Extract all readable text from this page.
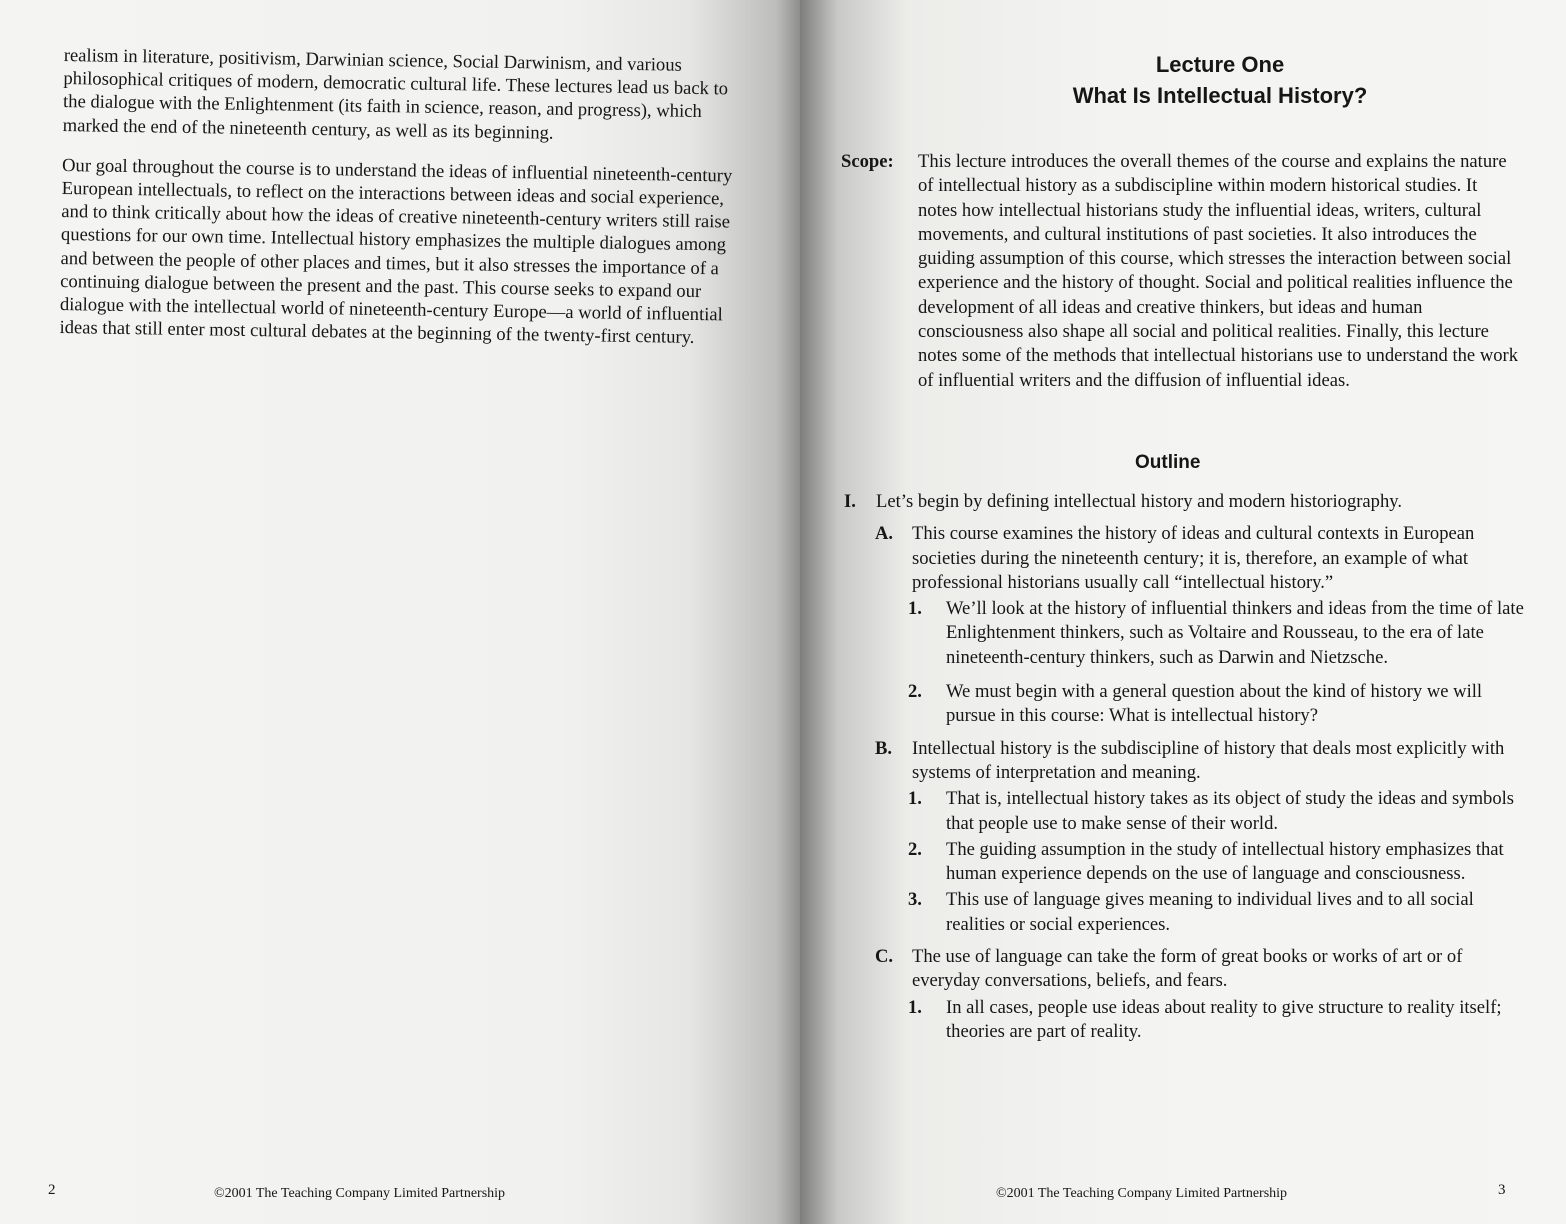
realism in literature, positivism, Darwinian science, Social Darwinism, and various philosophical critiques of modern, democratic cultural life. These lectures lead us back to the dialogue with the Enlightenment (its faith in science, reason, and progress), which marked the end of the nineteenth century, as well as its beginning.

Our goal throughout the course is to understand the ideas of influential nineteenth-century European intellectuals, to reflect on the interactions between ideas and social experience, and to think critically about how the ideas of creative nineteenth-century writers still raise questions for our own time. Intellectual history emphasizes the multiple dialogues among and between the people of other places and times, but it also stresses the importance of a continuing dialogue between the present and the past. This course seeks to expand our dialogue with the intellectual world of nineteenth-century Europe—a world of influential ideas that still enter most cultural debates at the beginning of the twenty-first century.

2	©2001 The Teaching Company Limited Partnership
Lecture One
What Is Intellectual History?
Scope: This lecture introduces the overall themes of the course and explains the nature of intellectual history as a subdiscipline within modern historical studies. It notes how intellectual historians study the influential ideas, writers, cultural movements, and cultural institutions of past societies. It also introduces the guiding assumption of this course, which stresses the interaction between social experience and the history of thought. Social and political realities influence the development of all ideas and creative thinkers, but ideas and human consciousness also shape all social and political realities. Finally, this lecture notes some of the methods that intellectual historians use to understand the work of influential writers and the diffusion of influential ideas.
Outline
I. Let’s begin by defining intellectual history and modern historiography.
A. This course examines the history of ideas and cultural contexts in European societies during the nineteenth century; it is, therefore, an example of what professional historians usually call “intellectual history.”
1. We’ll look at the history of influential thinkers and ideas from the time of late Enlightenment thinkers, such as Voltaire and Rousseau, to the era of late nineteenth-century thinkers, such as Darwin and Nietzsche.
2. We must begin with a general question about the kind of history we will pursue in this course: What is intellectual history?
B. Intellectual history is the subdiscipline of history that deals most explicitly with systems of interpretation and meaning.
1. That is, intellectual history takes as its object of study the ideas and symbols that people use to make sense of their world.
2. The guiding assumption in the study of intellectual history emphasizes that human experience depends on the use of language and consciousness.
3. This use of language gives meaning to individual lives and to all social realities or social experiences.
C. The use of language can take the form of great books or works of art or of everyday conversations, beliefs, and fears.
1. In all cases, people use ideas about reality to give structure to reality itself; theories are part of reality.
©2001 The Teaching Company Limited Partnership	3
